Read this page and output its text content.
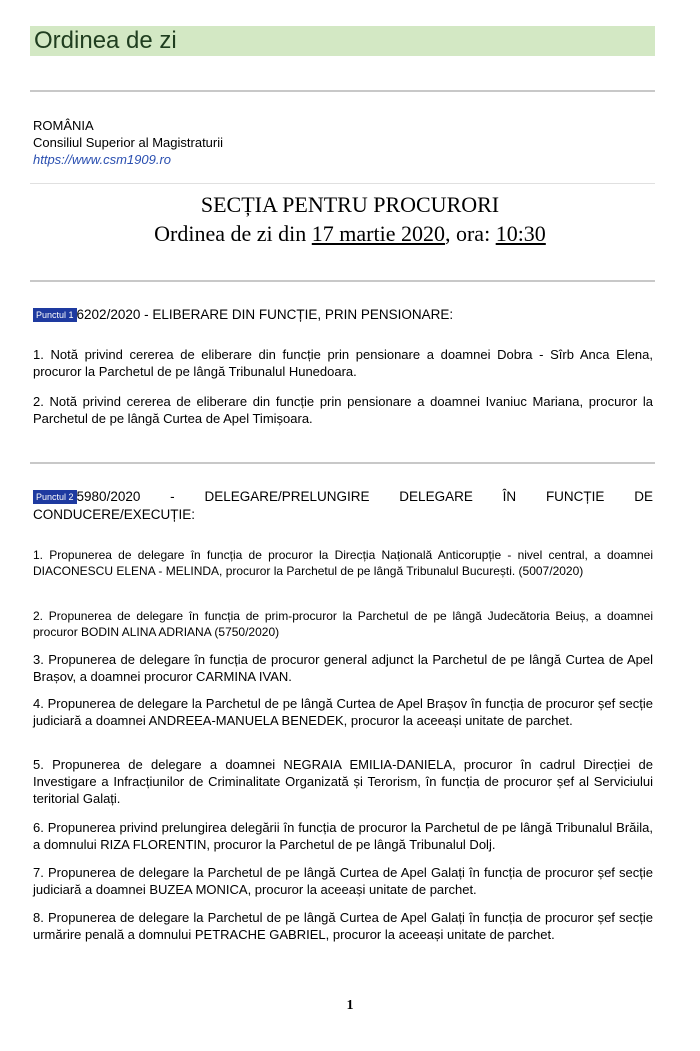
Ordinea de zi
ROMÂNIA
Consiliul Superior al Magistraturii
https://www.csm1909.ro
SECȚIA PENTRU PROCURORI
Ordinea de zi din 17 martie 2020, ora: 10:30
Punctul 1 6202/2020 - ELIBERARE DIN FUNCȚIE, PRIN PENSIONARE:
1. Notă privind cererea de eliberare din funcție prin pensionare a doamnei Dobra - Sîrb Anca Elena, procuror la Parchetul de pe lângă Tribunalul Hunedoara.
2. Notă privind cererea de eliberare din funcție prin pensionare a doamnei Ivaniuc Mariana, procuror la Parchetul de pe lângă Curtea de Apel Timișoara.
Punctul 2 5980/2020 - DELEGARE/PRELUNGIRE DELEGARE ÎN FUNCȚIE DE CONDUCERE/EXECUȚIE:
1. Propunerea de delegare în funcția de procuror la Direcția Națională Anticorupție - nivel central, a doamnei DIACONESCU ELENA - MELINDA, procuror la Parchetul de pe lângă Tribunalul București. (5007/2020)
2. Propunerea de delegare în funcția de prim-procuror la Parchetul de pe lângă Judecătoria Beiuș, a doamnei procuror BODIN ALINA ADRIANA (5750/2020)
3. Propunerea de delegare în funcția de procuror general adjunct la Parchetul de pe lângă Curtea de Apel Brașov, a doamnei procuror CARMINA IVAN.
4. Propunerea de delegare la Parchetul de pe lângă Curtea de Apel Brașov în funcția de procuror șef secție judiciară a doamnei ANDREEA-MANUELA BENEDEK, procuror la aceeași unitate de parchet.
5. Propunerea de delegare a doamnei NEGRAIA EMILIA-DANIELA, procuror în cadrul Direcției de Investigare a Infracțiunilor de Criminalitate Organizată și Terorism, în funcția de procuror șef al Serviciului teritorial Galați.
6. Propunerea privind prelungirea delegării în funcția de procuror la Parchetul de pe lângă Tribunalul Brăila, a domnului RIZA FLORENTIN, procuror la Parchetul de pe lângă Tribunalul Dolj.
7. Propunerea de delegare la Parchetul de pe lângă Curtea de Apel Galați în funcția de procuror șef secție judiciară a doamnei BUZEA MONICA, procuror la aceeași unitate de parchet.
8. Propunerea de delegare la Parchetul de pe lângă Curtea de Apel Galați în funcția de procuror șef secție urmărire penală a domnului PETRACHE GABRIEL, procuror la aceeași unitate de parchet.
1
